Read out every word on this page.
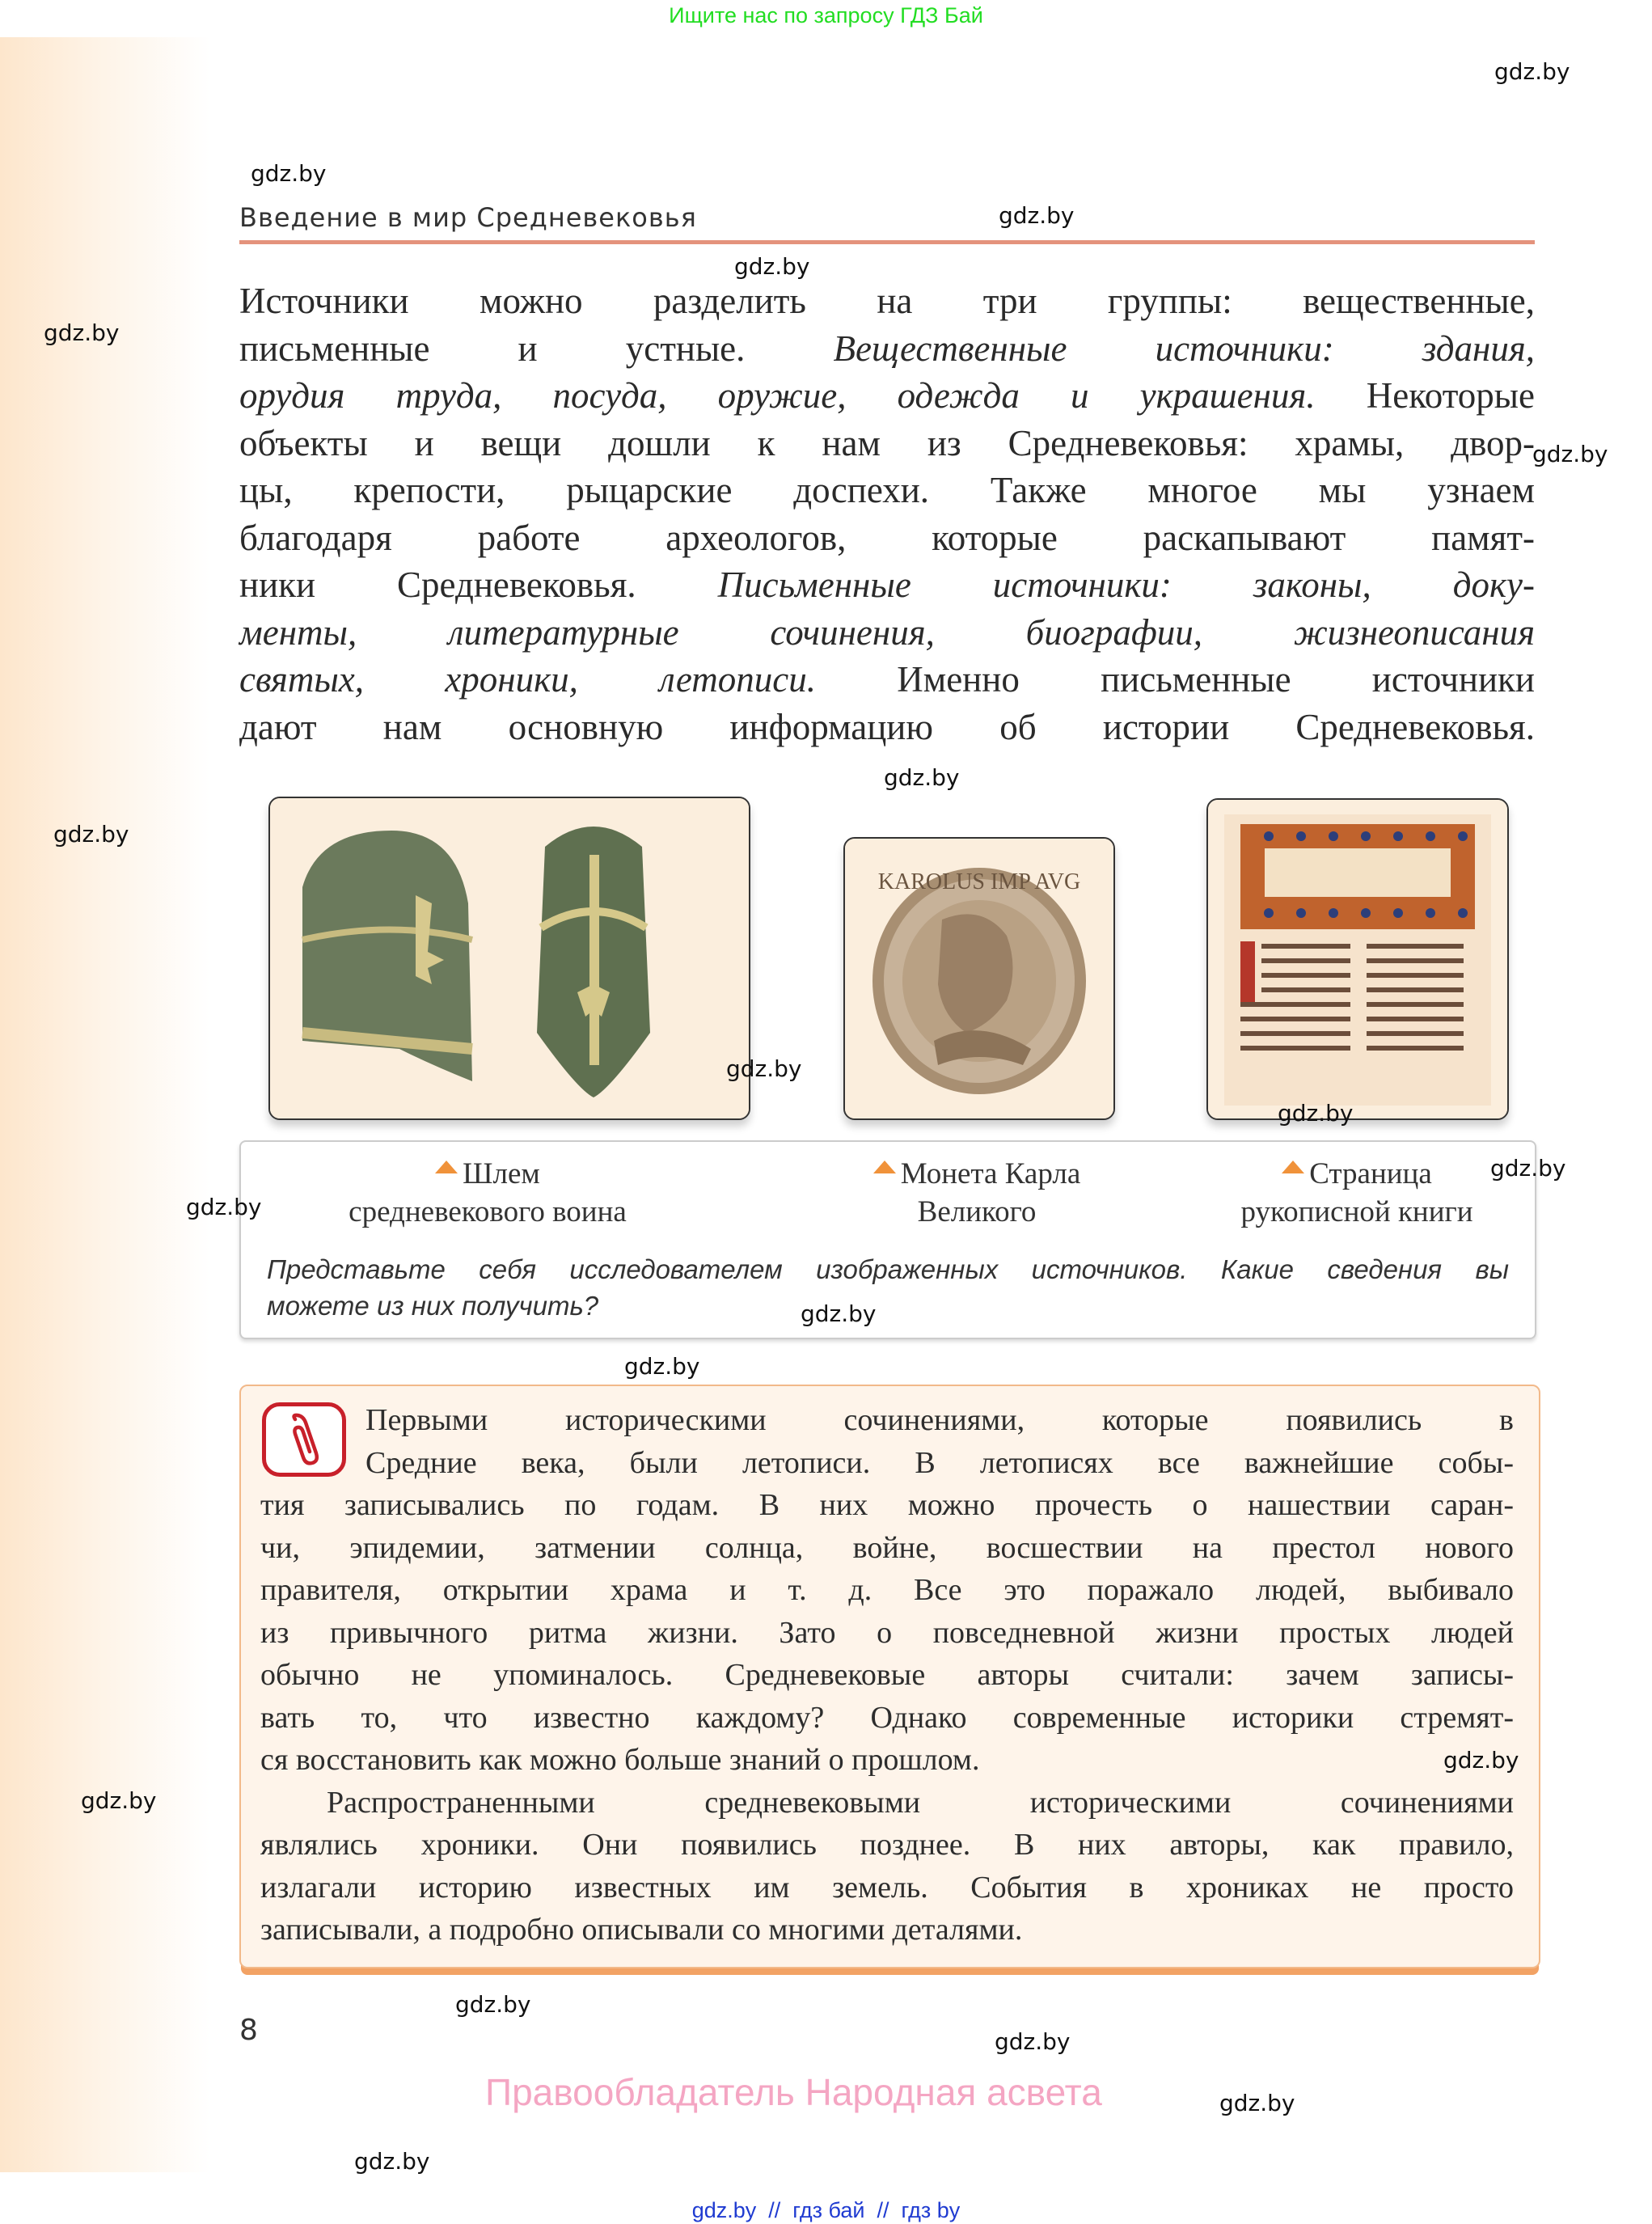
Ищите нас по запросу ГДЗ Бай
gdz.by
gdz.by
gdz.by
gdz.by
gdz.by
gdz.by
gdz.by
gdz.by
Введение в мир Средневековья
Источники можно разделить на три группы: вещественные,
письменные и устные. Вещественные источники: здания,
орудия труда, посуда, оружие, одежда и украшения. Некоторые
объекты и вещи дошли к нам из Средневековья: храмы, двор-
цы, крепости, рыцарские доспехи. Также многое мы узнаем
благодаря работе археологов, которые раскапывают памят-
ники Средневековья. Письменные источники: законы, доку-
менты, литературные сочинения, биографии, жизнеописания
святых, хроники, летописи. Именно письменные источники
дают нам основную информацию об истории Средневековья.
KAROLUS IMP AVG
gdz.by
gdz.by
Шлем
средневекового воина
Монета Карла
Великого
Страница
рукописной книги
Представьте себя исследователем изображенных источников. Какие сведения вы
можете из них получить?
gdz.by
gdz.by
gdz.by
gdz.by
Первыми историческими сочинениями, которые появились в
Средние века, были летописи. В летописях все важнейшие собы-
тия записывались по годам. В них можно прочесть о нашествии саран-
чи, эпидемии, затмении солнца, войне, восшествии на престол нового
правителя, открытии храма и т. д. Все это поражало людей, выбивало
из привычного ритма жизни. Зато о повседневной жизни простых людей
обычно не упоминалось. Средневековые авторы считали: зачем записы-
вать то, что известно каждому? Однако современные историки стремят-
ся восстановить как можно больше знаний о прошлом.
Распространенными средневековыми историческими сочинениями
являлись хроники. Они появились позднее. В них авторы, как правило,
излагали историю известных им земель. События в хрониках не просто
записывали, а подробно описывали со многими деталями.
gdz.by
gdz.by
gdz.by
8	gdz.by
Правообладатель Народная асвета	gdz.by
gdz.by
gdz.by  //  гдз бай  //  гдз by
